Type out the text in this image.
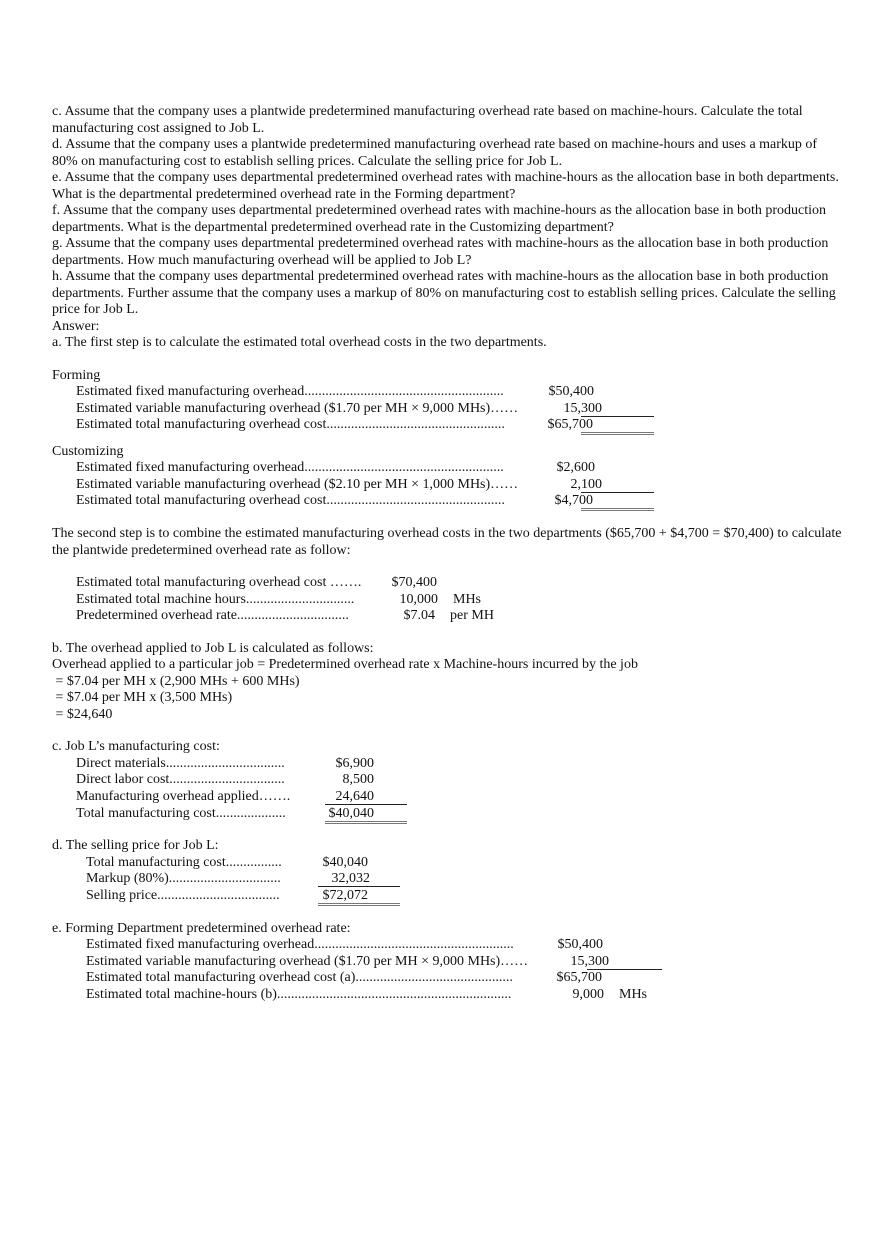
c. Assume that the company uses a plantwide predetermined manufacturing overhead rate based on machine-hours. Calculate the total manufacturing cost assigned to Job L.

d. Assume that the company uses a plantwide predetermined manufacturing overhead rate based on machine-hours and uses a markup of 80% on manufacturing cost to establish selling prices. Calculate the selling price for Job L.

e. Assume that the company uses departmental predetermined overhead rates with machine-hours as the allocation base in both departments. What is the departmental predetermined overhead rate in the Forming department?

f. Assume that the company uses departmental predetermined overhead rates with machine-hours as the allocation base in both production departments. What is the departmental predetermined overhead rate in the Customizing department?

g. Assume that the company uses departmental predetermined overhead rates with machine-hours as the allocation base in both production departments. How much manufacturing overhead will be applied to Job L?

h. Assume that the company uses departmental predetermined overhead rates with machine-hours as the allocation base in both production departments. Further assume that the company uses a markup of 80% on manufacturing cost to establish selling prices. Calculate the selling price for Job L.

Answer:

a. The first step is to calculate the estimated total overhead costs in the two departments.

Forming

Estimated fixed manufacturing overhead.........................................................	$50,400
Estimated variable manufacturing overhead ($1.70 per MH × 9,000 MHs)……	15,300
Estimated total manufacturing overhead cost...................................................	$65,700

Customizing

Estimated fixed manufacturing overhead.........................................................	$2,600
Estimated variable manufacturing overhead ($2.10 per MH × 1,000 MHs)……	2,100
Estimated total manufacturing overhead cost...................................................	$4,700

The second step is to combine the estimated manufacturing overhead costs in the two departments ($65,700 + $4,700 = $70,400) to calculate the plantwide predetermined overhead rate as follow:

Estimated total manufacturing overhead cost …….	$70,400
Estimated total machine hours...............................	10,000 MHs
Predetermined overhead rate................................	$7.04 per MH

b. The overhead applied to Job L is calculated as follows:

Overhead applied to a particular job = Predetermined overhead rate x Machine-hours incurred by the job

= $7.04 per MH x (2,900 MHs + 600 MHs)

= $7.04 per MH x (3,500 MHs)

= $24,640

c. Job L’s manufacturing cost:

Direct materials..................................	$6,900
Direct labor cost.................................	8,500
Manufacturing overhead applied…….	24,640
Total manufacturing cost....................	$40,040

d. The selling price for Job L:

Total manufacturing cost................	$40,040
Markup (80%)................................	32,032
Selling price...................................	$72,072

e. Forming Department predetermined overhead rate:

Estimated fixed manufacturing overhead.........................................................	$50,400
Estimated variable manufacturing overhead ($1.70 per MH × 9,000 MHs)……	15,300
Estimated total manufacturing overhead cost (a).............................................	$65,700
Estimated total machine-hours (b)...................................................................	9,000 MHs
